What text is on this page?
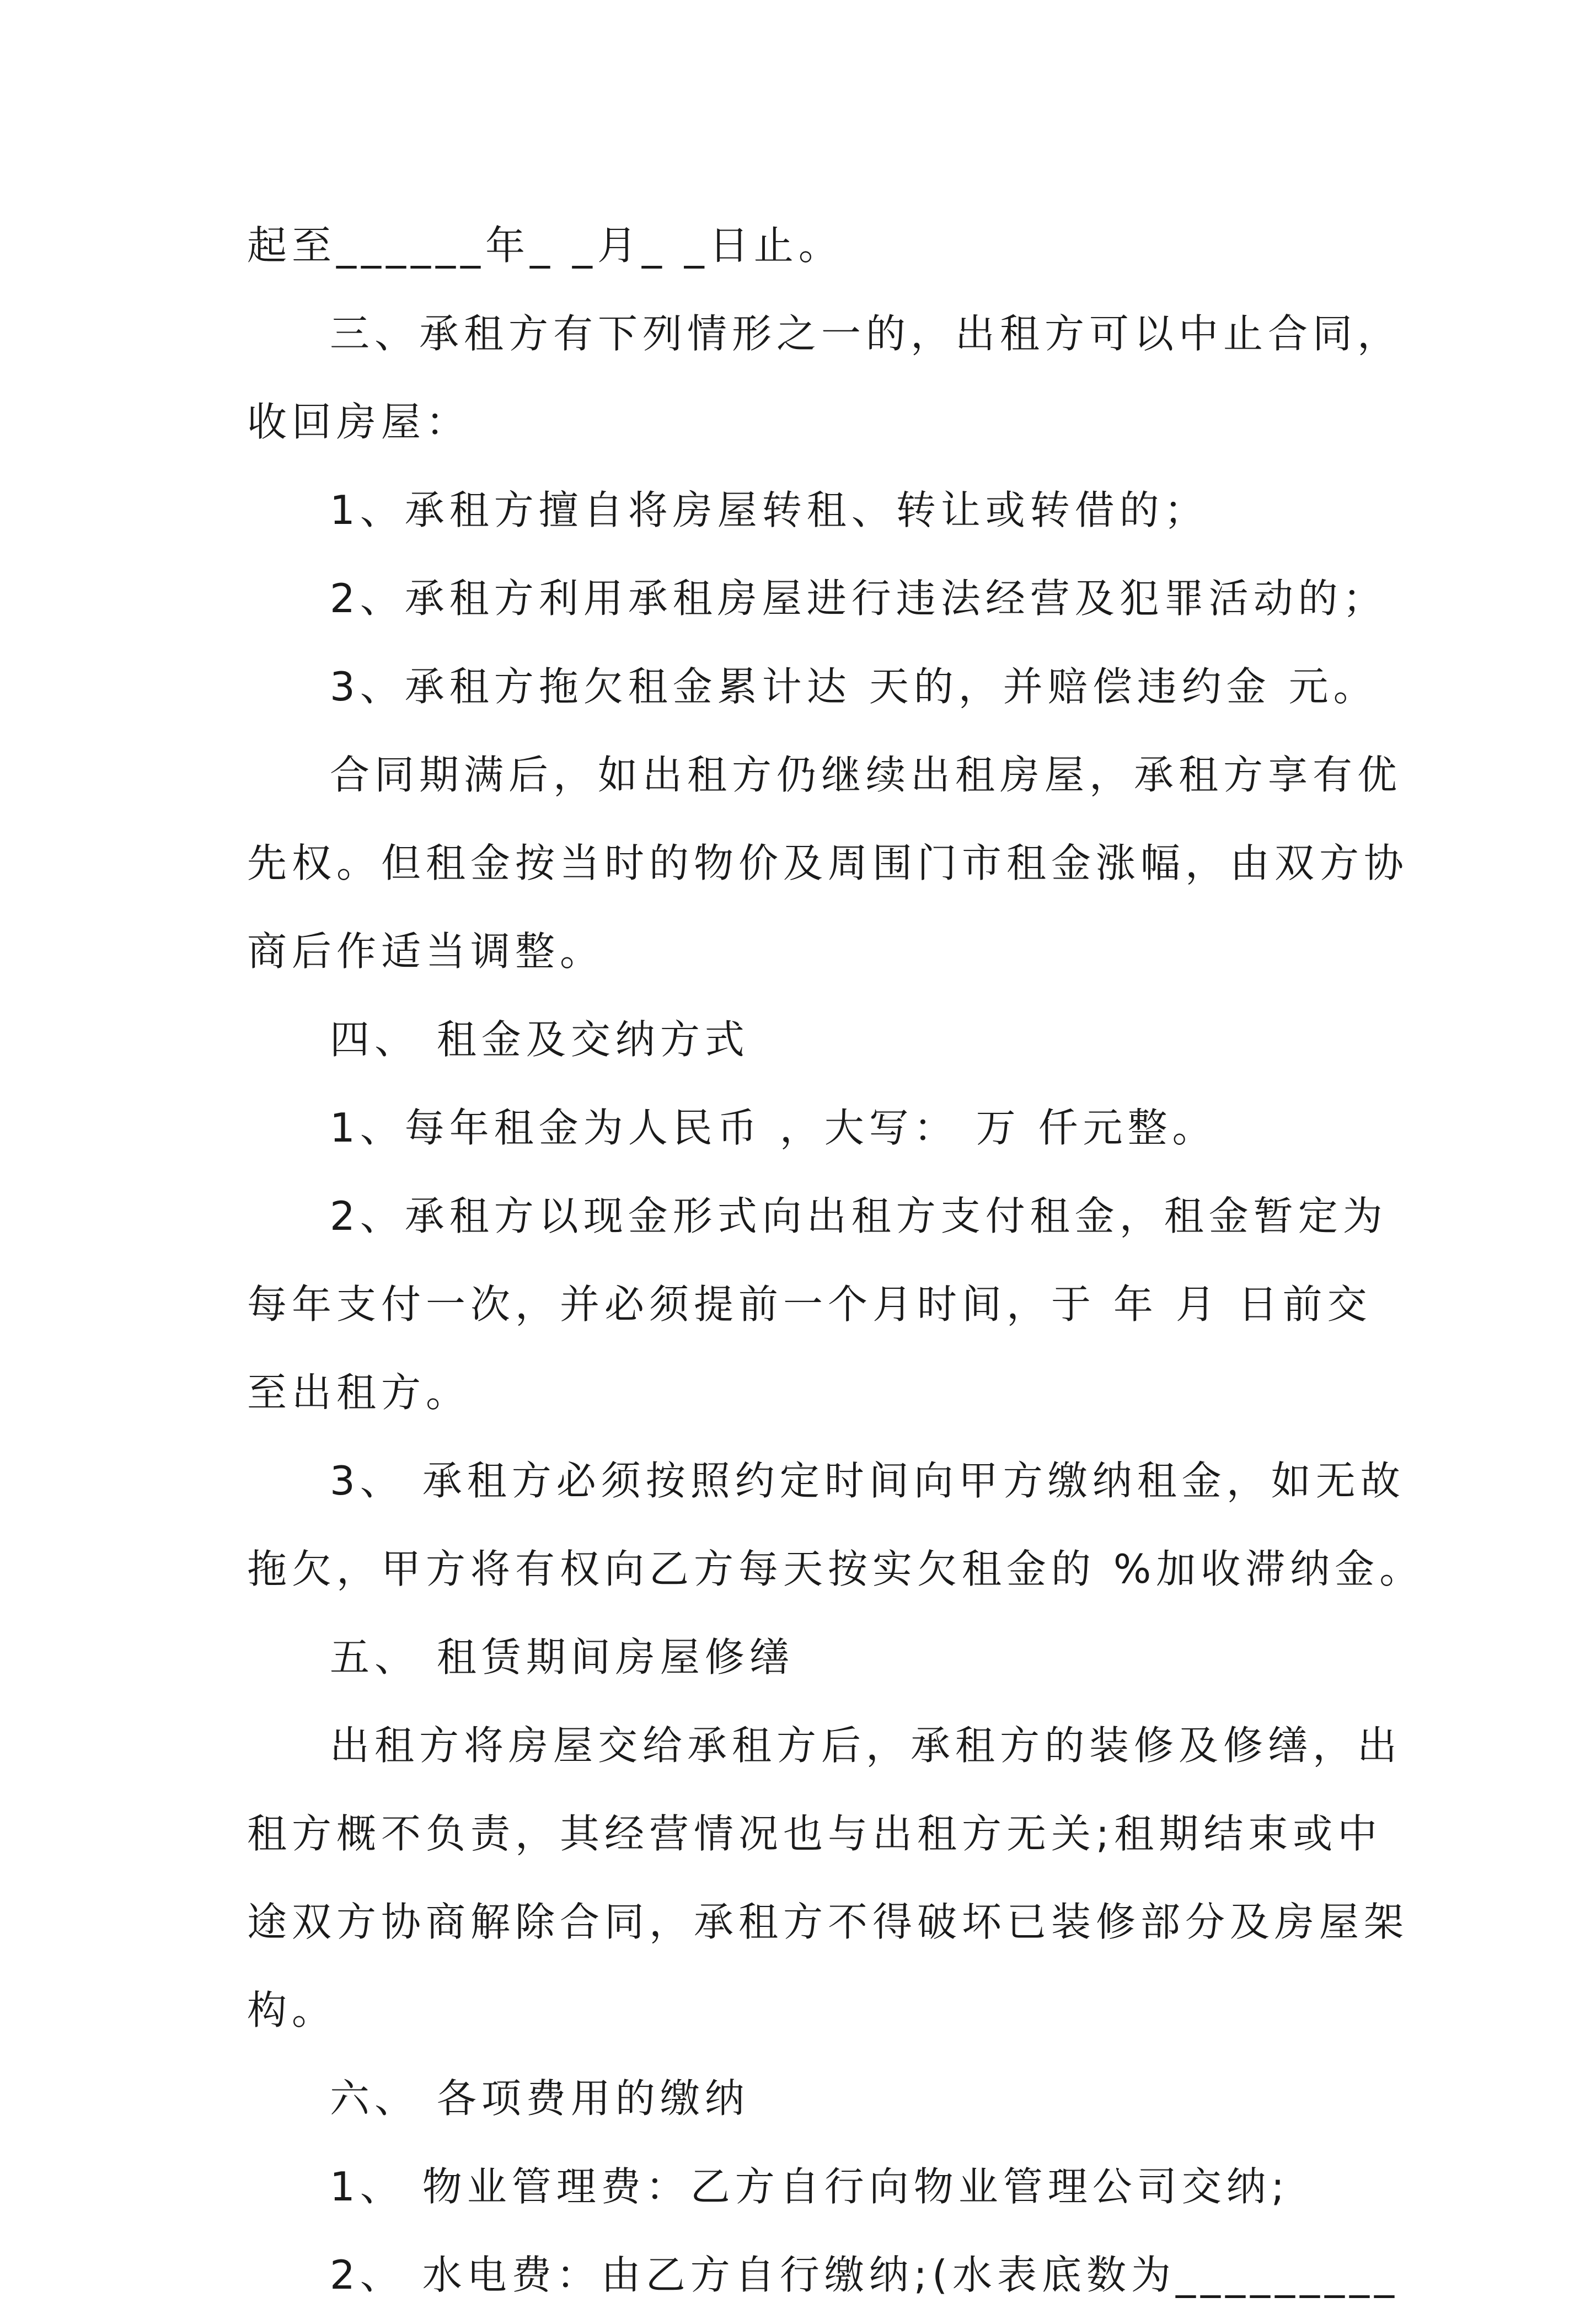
起至______年_ _月_ _日止。
三、承租方有下列情形之一的，出租方可以中止合同，
收回房屋：
1、承租方擅自将房屋转租、转让或转借的；
2、承租方利用承租房屋进行违法经营及犯罪活动的；
3、承租方拖欠租金累计达 天的，并赔偿违约金 元。
合同期满后，如出租方仍继续出租房屋，承租方享有优
先权。但租金按当时的物价及周围门市租金涨幅，由双方协
商后作适当调整。
四、 租金及交纳方式
1、每年租金为人民币 ，大写： 万 仟元整。
2、承租方以现金形式向出租方支付租金，租金暂定为
每年支付一次，并必须提前一个月时间，于 年 月 日前交
至出租方。
3、 承租方必须按照约定时间向甲方缴纳租金，如无故
拖欠，甲方将有权向乙方每天按实欠租金的 %加收滞纳金。
五、 租赁期间房屋修缮
出租方将房屋交给承租方后，承租方的装修及修缮，出
租方概不负责，其经营情况也与出租方无关;租期结束或中
途双方协商解除合同，承租方不得破坏已装修部分及房屋架
构。
六、 各项费用的缴纳
1、 物业管理费：乙方自行向物业管理公司交纳;
2、 水电费：由乙方自行缴纳;(水表底数为_________
